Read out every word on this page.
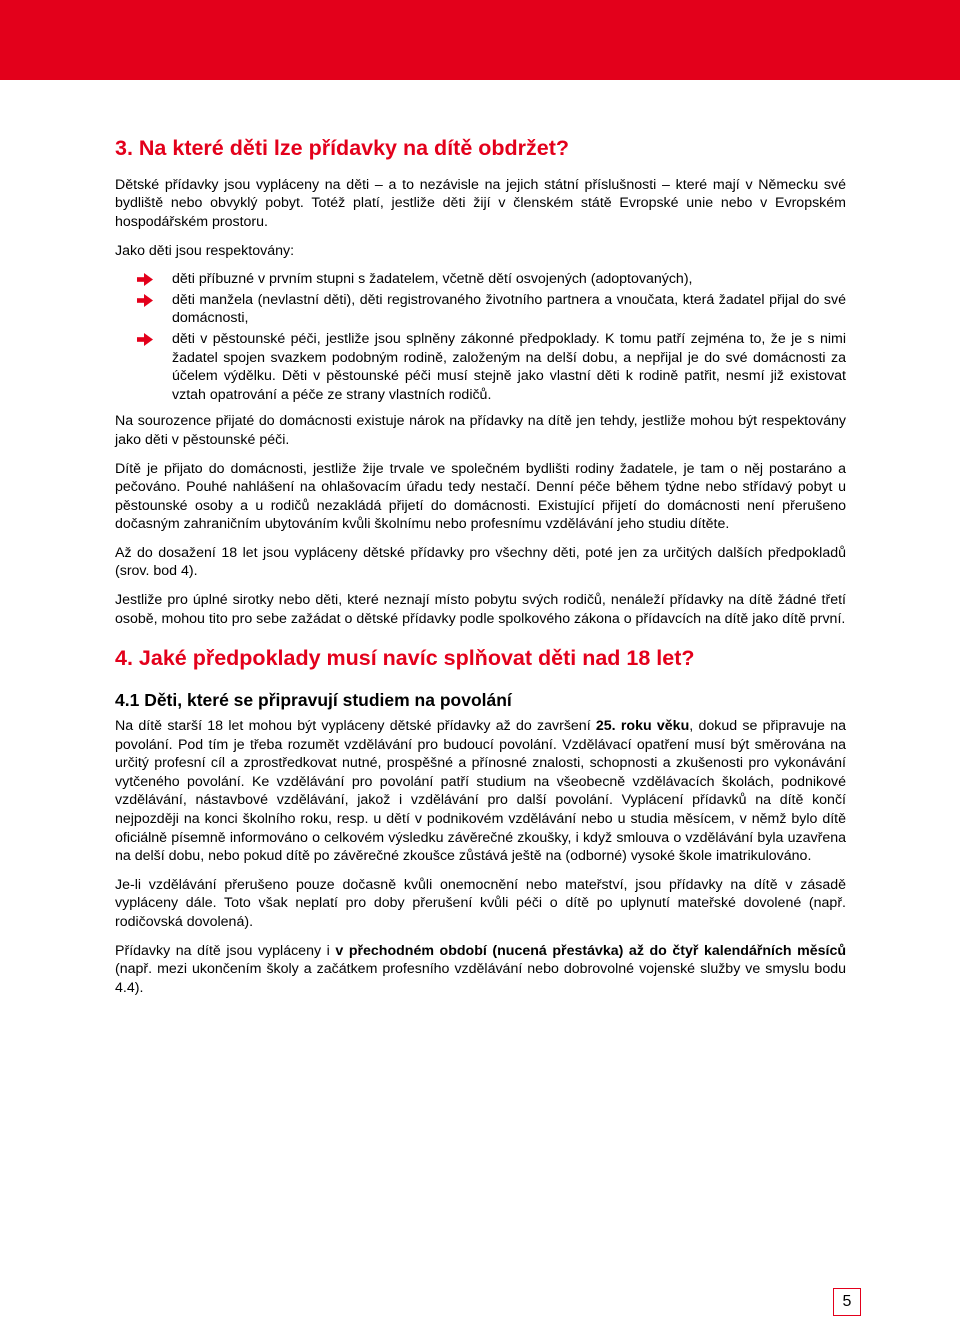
3. Na které děti lze přídavky na dítě obdržet?

Dětské přídavky jsou vypláceny na děti – a to nezávisle na jejich státní příslušnosti – které mají v Německu své bydliště nebo obvyklý pobyt. Totéž platí, jestliže děti žijí v členském státě Evropské unie nebo v Evropském hospodářském prostoru.

Jako děti jsou respektovány:

děti příbuzné v prvním stupni s žadatelem, včetně dětí osvojených (adoptovaných),
děti manžela (nevlastní děti), děti registrovaného životního partnera a vnoučata, která žadatel přijal do své domácnosti,
děti v pěstounské péči, jestliže jsou splněny zákonné předpoklady. K tomu patří zejména to, že je s nimi žadatel spojen svazkem podobným rodině, založeným na delší dobu, a nepřijal je do své domácnosti za účelem výdělku. Děti v pěstounské péči musí stejně jako vlastní děti k rodině patřit, nesmí již existovat vztah opatrování a péče ze strany vlastních rodičů.

Na sourozence přijaté do domácnosti existuje nárok na přídavky na dítě jen tehdy, jestliže mohou být respektovány jako děti v pěstounské péči.

Dítě je přijato do domácnosti, jestliže žije trvale ve společném bydlišti rodiny žadatele, je tam o něj postaráno a pečováno. Pouhé nahlášení na ohlašovacím úřadu tedy nestačí. Denní péče během týdne nebo střídavý pobyt u pěstounské osoby a u rodičů nezakládá přijetí do domácnosti. Existující přijetí do domácnosti není přerušeno dočasným zahraničním ubytováním kvůli školnímu nebo profesnímu vzdělávání jeho studiu dítěte.

Až do dosažení 18 let jsou vypláceny dětské přídavky pro všechny děti, poté jen za určitých dalších předpokladů (srov. bod 4).

Jestliže pro úplné sirotky nebo děti, které neznají místo pobytu svých rodičů, nenáleží přídavky na dítě žádné třetí osobě, mohou tito pro sebe zažádat o dětské přídavky podle spolkového zákona o přídavcích na dítě jako dítě první.

4. Jaké předpoklady musí navíc splňovat děti nad 18 let?
4.1 Děti, které se připravují studiem na povolání

Na dítě starší 18 let mohou být vypláceny dětské přídavky až do završení 25. roku věku, dokud se připravuje na povolání. Pod tím je třeba rozumět vzdělávání pro budoucí povolání. Vzdělávací opatření musí být směrována na určitý profesní cíl a zprostředkovat nutné, prospěšné a přínosné znalosti, schopnosti a zkušenosti pro vykonávání vytčeného povolání. Ke vzdělávání pro povolání patří studium na všeobecně vzdělávacích školách, podnikové vzdělávání, nástavbové vzdělávání, jakož i vzdělávání pro další povolání. Vyplácení přídavků na dítě končí nejpozději na konci školního roku, resp. u dětí v podnikovém vzdělávání nebo u studia měsícem, v němž bylo dítě oficiálně písemně informováno o celkovém výsledku závěrečné zkoušky, i když smlouva o vzdělávání byla uzavřena na delší dobu, nebo pokud dítě po závěrečné zkoušce zůstává ještě na (odborné) vysoké škole imatrikulováno.

Je-li vzdělávání přerušeno pouze dočasně kvůli onemocnění nebo mateřství, jsou přídavky na dítě v zásadě vypláceny dále. Toto však neplatí pro doby přerušení kvůli péči o dítě po uplynutí mateřské dovolené (např. rodičovská dovolená).

Přídavky na dítě jsou vypláceny i v přechodném období (nucená přestávka) až do čtyř kalendářních měsíců (např. mezi ukončením školy a začátkem profesního vzdělávání nebo dobrovolné vojenské služby ve smyslu bodu 4.4).

5
